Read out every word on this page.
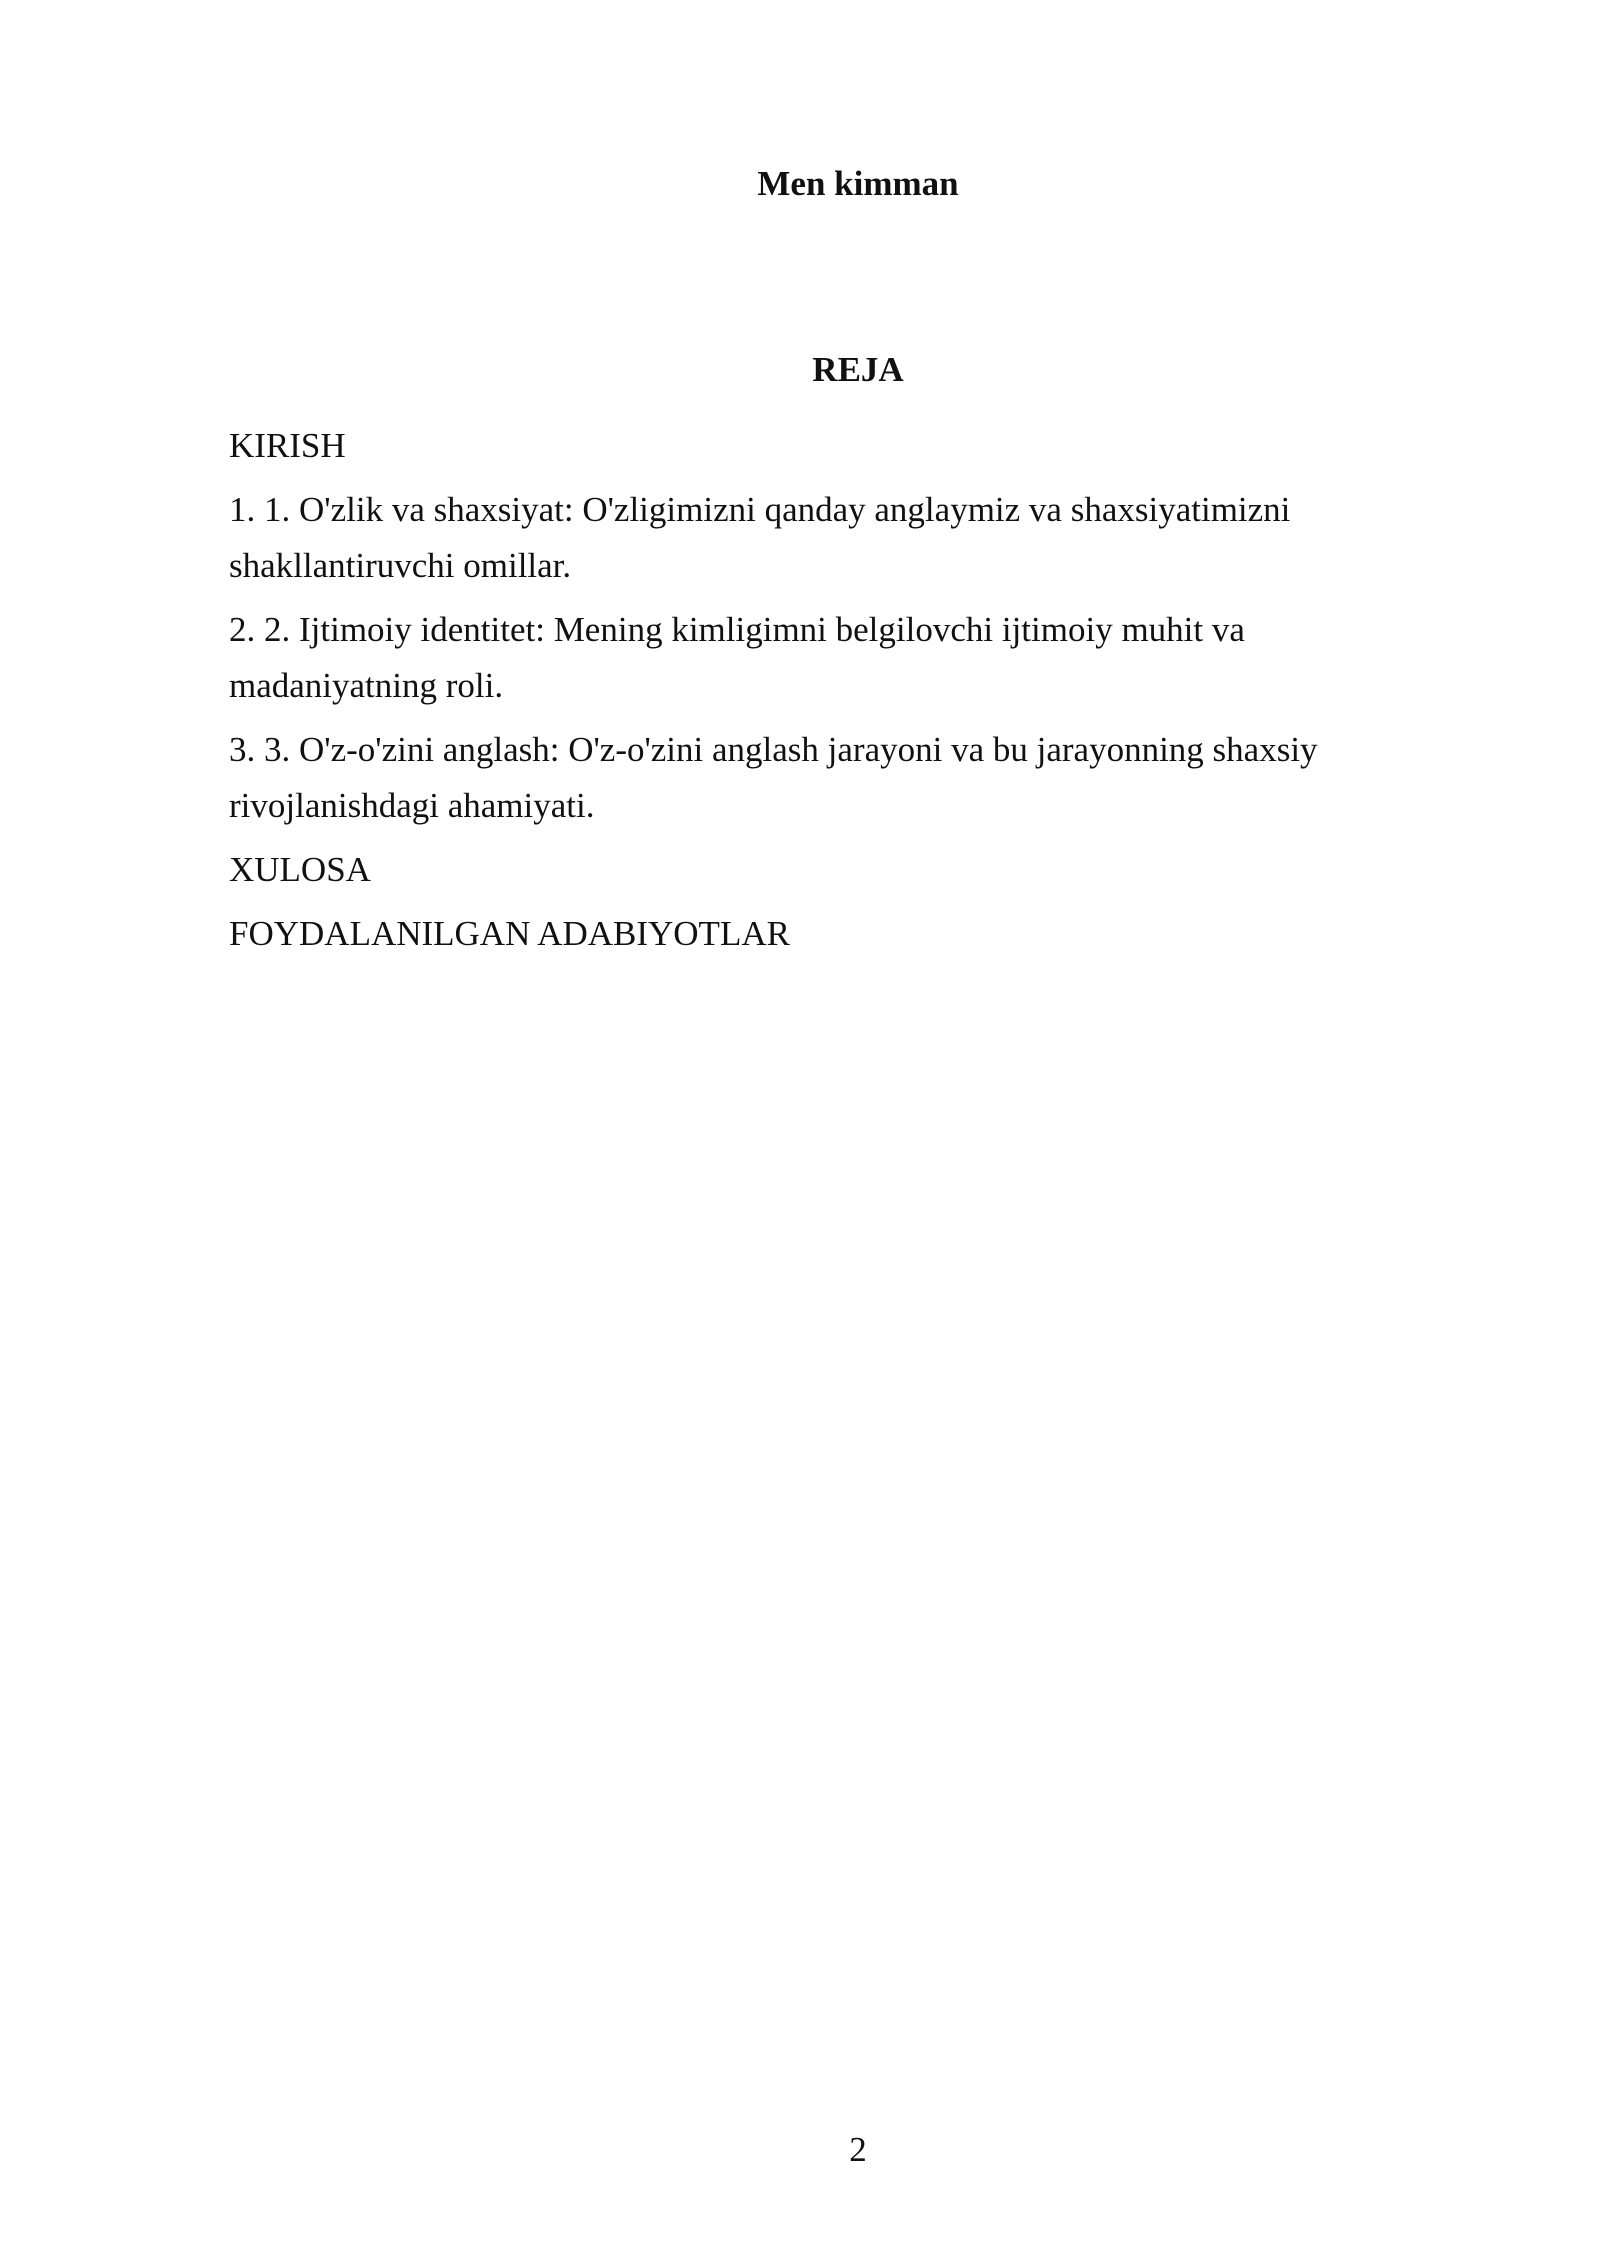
Men kimman
REJA
KIRISH
1. 1. O'zlik va shaxsiyat: O'zligimizni qanday anglaymiz va shaxsiyatimizni shakllantiruvchi omillar.
2. 2. Ijtimoiy identitet: Mening kimligimni belgilovchi ijtimoiy muhit va madaniyatning roli.
3. 3. O'z-o'zini anglash: O'z-o'zini anglash jarayoni va bu jarayonning shaxsiy rivojlanishdagi ahamiyati.
XULOSA
FOYDALANILGAN ADABIYOTLAR
2
